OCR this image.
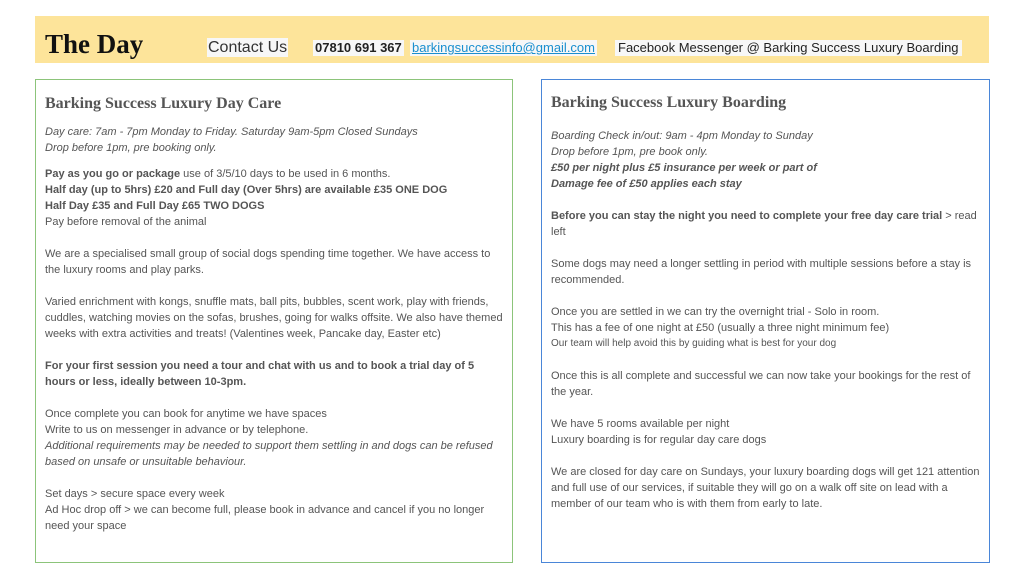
The Day	Contact Us 07810 691 367 barkingsuccessinfo@gmail.com Facebook Messenger @ Barking Success Luxury Boarding
Barking Success Luxury Day Care

Day care: 7am - 7pm Monday to Friday. Saturday 9am-5pm Closed Sundays

Drop before 1pm, pre booking only.

Pay as you go or package use of 3/5/10 days to be used in 6 months.

Half day (up to 5hrs) £20 and Full day (Over 5hrs) are available £35 ONE DOG

Half Day £35 and Full Day £65 TWO DOGS

Pay before removal of the animal

We are a specialised small group of social dogs spending time together. We have access to the luxury rooms and play parks.

Varied enrichment with kongs, snuffle mats, ball pits, bubbles, scent work, play with friends, cuddles, watching movies on the sofas, brushes, going for walks offsite. We also have themed weeks with extra activities and treats! (Valentines week, Pancake day, Easter etc)

For your first session you need a tour and chat with us and to book a trial day of 5 hours or less, ideally between 10-3pm.

Once complete you can book for anytime we have spaces

Write to us on messenger in advance or by telephone.

Additional requirements may be needed to support them settling in and dogs can be refused based on unsafe or unsuitable behaviour.

Set days > secure space every week

Ad Hoc drop off > we can become full, please book in advance and cancel if you no longer need your space

Barking Success Luxury Boarding

Boarding Check in/out: 9am - 4pm Monday to Sunday

Drop before 1pm, pre book only.

£50 per night plus £5 insurance per week or part of

Damage fee of £50 applies each stay

Before you can stay the night you need to complete your free day care trial > read left

Some dogs may need a longer settling in period with multiple sessions before a stay is recommended.

Once you are settled in we can try the overnight trial - Solo in room.

This has a fee of one night at £50 (usually a three night minimum fee)

Our team will help avoid this by guiding what is best for your dog

Once this is all complete and successful we can now take your bookings for the rest of the year.

We have 5 rooms available per night

Luxury boarding is for regular day care dogs

We are closed for day care on Sundays, your luxury boarding dogs will get 121 attention and full use of our services, if suitable they will go on a walk off site on lead with a member of our team who is with them from early to late.
